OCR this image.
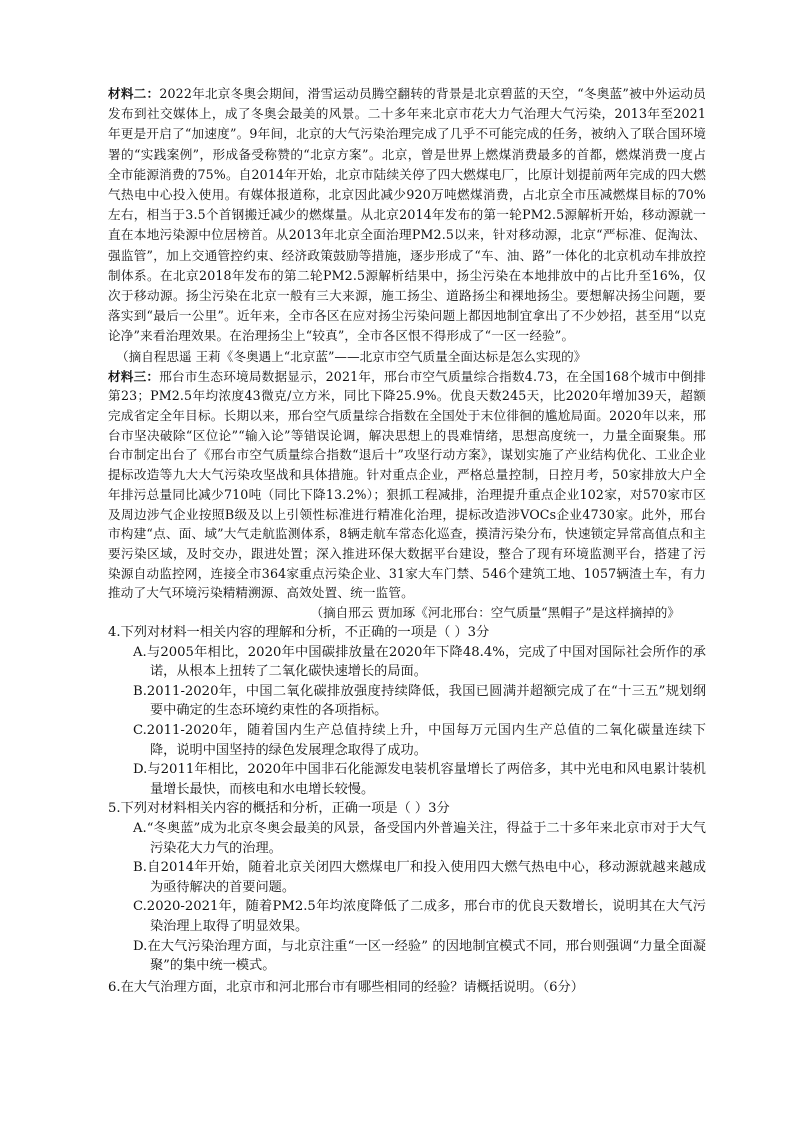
材料二：2022年北京冬奥会期间，滑雪运动员腾空翻转的背景是北京碧蓝的天空，“冬奥蓝”被中外运动员发布到社交媒体上，成了冬奥会最美的风景。二十多年来北京市花大力气治理大气污染，2013年至2021年更是开启了“加速度”。9年间，北京的大气污染治理完成了几乎不可能完成的任务，被纳入了联合国环境署的“实践案例”，形成备受称赞的“北京方案”。北京，曾是世界上燃煤消费最多的首都，燃煤消费一度占全市能源消费的75%。自2014年开始，北京市陆续关停了四大燃煤电厂，比原计划提前两年完成的四大燃气热电中心投入使用。有媒体报道称，北京因此减少920万吨燃煤消费，占北京全市压减燃煤目标的70%左右，相当于3.5个首钢搬迁减少的燃煤量。从北京2014年发布的第一轮PM2.5源解析开始，移动源就一直在本地污染源中位居榜首。从2013年北京全面治理PM2.5以来，针对移动源，北京“严标准、促淘汰、强监管”，加上交通管控约束、经济政策鼓励等措施，逐步形成了“车、油、路”一体化的北京机动车排放控制体系。在北京2018年发布的第二轮PM2.5源解析结果中，扬尘污染在本地排放中的占比升至16%，仅次于移动源。扬尘污染在北京一般有三大来源，施工扬尘、道路扬尘和裸地扬尘。要想解决扬尘问题，要落实到“最后一公里”。近年来，全市各区在应对扬尘污染问题上都因地制宜拿出了不少妙招，甚至用“以克论净”来看治理效果。在治理扬尘上“较真”，全市各区恨不得形成了“一区一经验”。
（摘自程思遥 王莉《冬奥遇上“北京蓝”——北京市空气质量全面达标是怎么实现的》
材料三：邢台市生态环境局数据显示，2021年，邢台市空气质量综合指数4.73，在全国168个城市中倒排第23；PM2.5年均浓度43微克/立方米，同比下降25.9%。优良天数245天，比2020年增加39天，超额完成省定全年目标。长期以来，邢台空气质量综合指数在全国处于末位徘徊的尴尬局面。2020年以来，邢台市坚决破除“区位论”“输入论”等错误论调，解决思想上的畏难情绪，思想高度统一，力量全面聚集。邢台市制定出台了《邢台市空气质量综合指数“退后十”攻坚行动方案》，谋划实施了产业结构优化、工业企业提标改造等九大大气污染攻坚战和具体措施。针对重点企业，严格总量控制，日控月考，50家排放大户全年排污总量同比减少710吨（同比下降13.2%）；狠抓工程减排，治理提升重点企业102家，对570家市区及周边涉气企业按照B级及以上引领性标准进行精准化治理，提标改造涉VOCs企业4730家。此外，邢台市构建“点、面、域”大气走航监测体系，8辆走航车常态化巡查，摸清污染分布，快速锁定异常高值点和主要污染区域，及时交办，跟进处置；深入推进环保大数据平台建设，整合了现有环境监测平台，搭建了污染源自动监控网，连接全市364家重点污染企业、31家大车门禁、546个建筑工地、1057辆渣土车，有力推动了大气环境污染精精溯源、高效处置、统一监管。
（摘自邢云 贾加琢《河北邢台：空气质量“黑帽子”是这样摘掉的》

4.下列对材料一相关内容的理解和分析，不正确的一项是（ ）3分

A.与2005年相比，2020年中国碳排放量在2020年下降48.4%，完成了中国对国际社会所作的承诺，从根本上扭转了二氧化碳快速增长的局面。

B.2011-2020年，中国二氧化碳排放强度持续降低，我国已圆满并超额完成了在“十三五”规划纲要中确定的生态环境约束性的各项指标。

C.2011-2020年，随着国内生产总值持续上升，中国每万元国内生产总值的二氧化碳量连续下降，说明中国坚持的绿色发展理念取得了成功。

D.与2011年相比，2020年中国非石化能源发电装机容量增长了两倍多，其中光电和风电累计装机量增长最快，而核电和水电增长较慢。

5.下列对材料相关内容的概括和分析，正确一项是（ ）3分

A.“冬奥蓝”成为北京冬奥会最美的风景，备受国内外普遍关注，得益于二十多年来北京市对于大气污染花大力气的治理。

B.自2014年开始，随着北京关闭四大燃煤电厂和投入使用四大燃气热电中心，移动源就越来越成为亟待解决的首要问题。

C.2020-2021年，随着PM2.5年均浓度降低了二成多，邢台市的优良天数增长，说明其在大气污染治理上取得了明显效果。

D.在大气污染治理方面，与北京注重“一区一经验” 的因地制宜模式不同，邢台则强调“力量全面凝聚”的集中统一模式。

6.在大气治理方面，北京市和河北邢台市有哪些相同的经验？请概括说明。（6分）
